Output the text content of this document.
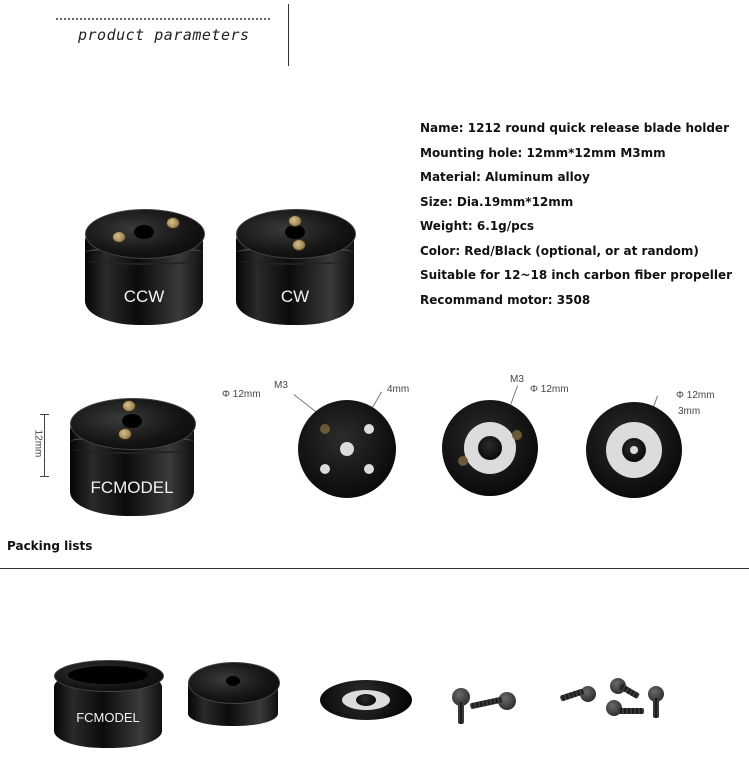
product parameters
CCW	CW
Name: 1212 round quick release blade holder
Mounting hole: 12mm*12mm M3mm
Material: Aluminum alloy
Size: Dia.19mm*12mm
Weight: 6.1g/pcs
Color: Red/Black (optional, or at random)
Suitable for 12~18 inch carbon fiber propeller
Recommand motor: 3508
12mm
FCMODEL
Φ 12mm
M3	4mm
M3
Φ 12mm
Φ 12mm
3mm
Packing lists
FCMODEL
